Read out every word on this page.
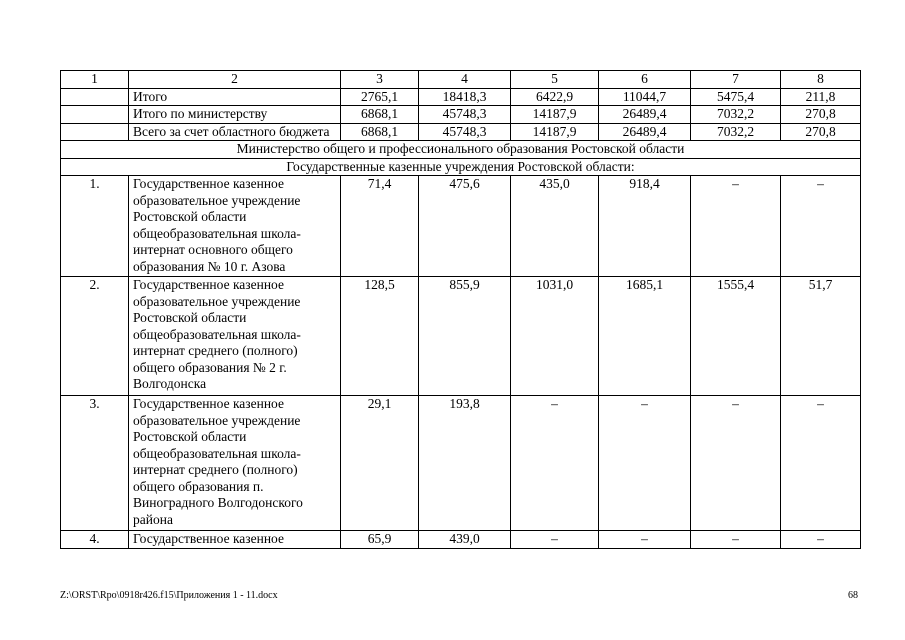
1	2	3	4	5	6	7	8
	Итого	2765,1	18418,3	6422,9	11044,7	5475,4	211,8
	Итого по министерству	6868,1	45748,3	14187,9	26489,4	7032,2	270,8
	Всего за счет областного бюджета	6868,1	45748,3	14187,9	26489,4	7032,2	270,8
Министерство общего и профессионального образования Ростовской области							
Государственные казенные учреждения Ростовской области:							
1.	Государственное казенное образовательное учреждение Ростовской области общеобразовательная школа-интернат основного общего образования № 10 г. Азова	71,4	475,6	435,0	918,4	–	–
2.	Государственное казенное образовательное учреждение Ростовской области общеобразовательная школа-интернат среднего (полного) общего образования № 2 г. Волгодонска	128,5	855,9	1031,0	1685,1	1555,4	51,7
3.	Государственное казенное образовательное учреждение Ростовской области общеобразовательная школа-интернат среднего (полного) общего образования п. Виноградного Волгодонского района	29,1	193,8	–	–	–	–
4.	Государственное казенное	65,9	439,0	–	–	–	–
Z:\ORST\Rpo\0918r426.f15\Приложения 1 - 11.docx	68
